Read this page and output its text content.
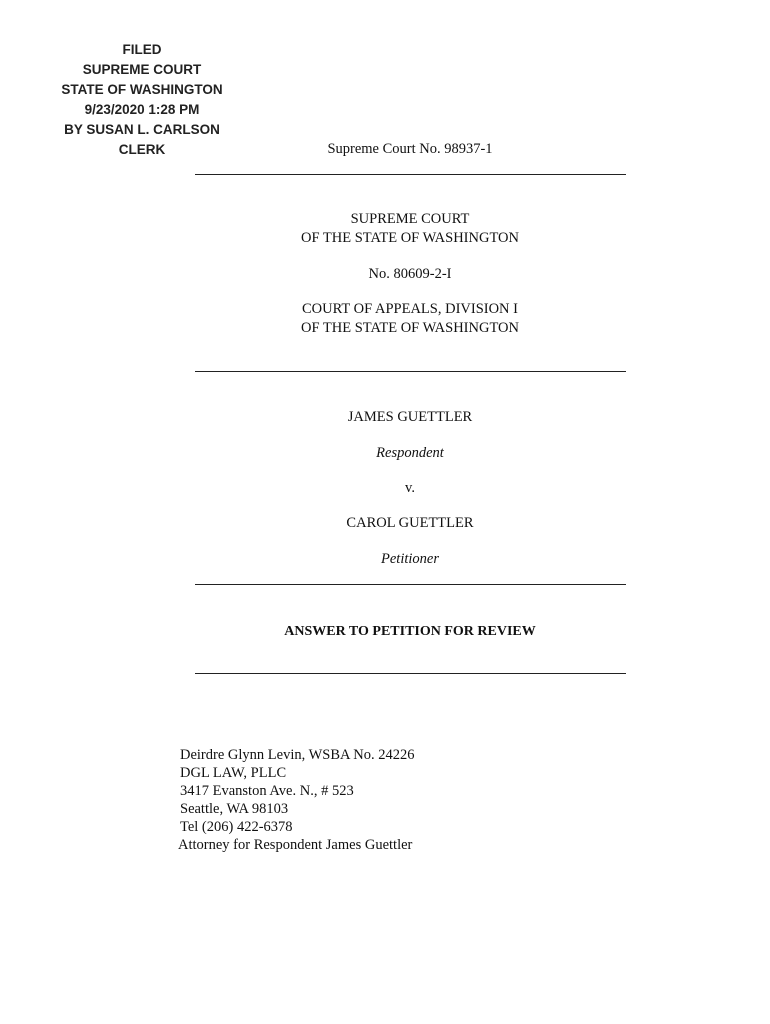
FILED
SUPREME COURT
STATE OF WASHINGTON
9/23/2020 1:28 PM
BY SUSAN L. CARLSON
CLERK	Supreme Court No. 98937-1
SUPREME COURT
OF THE STATE OF WASHINGTON
No. 80609-2-I
COURT OF APPEALS, DIVISION I
OF THE STATE OF WASHINGTON
JAMES GUETTLER
Respondent
v.
CAROL GUETTLER
Petitioner
ANSWER TO PETITION FOR REVIEW
Deirdre Glynn Levin, WSBA No. 24226
DGL LAW, PLLC
3417 Evanston Ave. N., # 523
Seattle, WA 98103
Tel (206) 422-6378
Attorney for Respondent James Guettler
